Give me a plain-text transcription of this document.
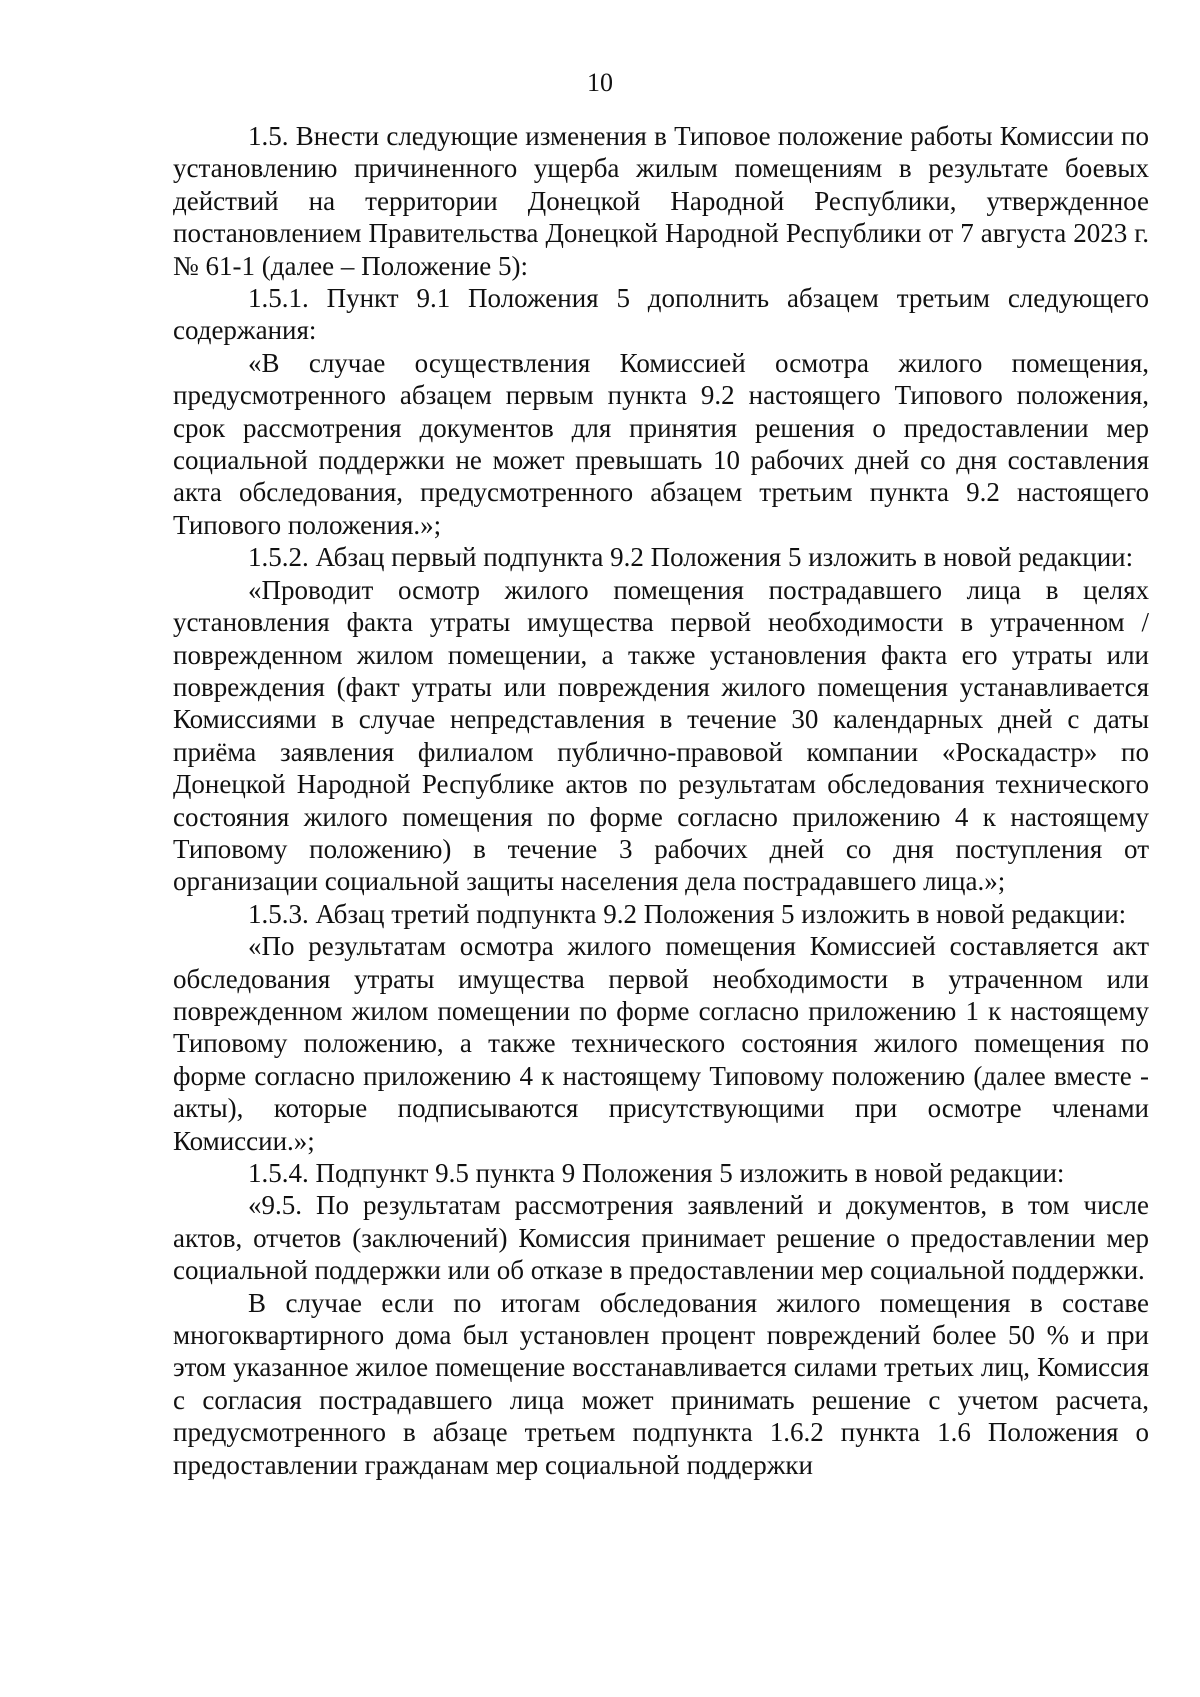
10

1.5. Внести следующие изменения в Типовое положение работы Комиссии по установлению причиненного ущерба жилым помещениям в результате боевых действий на территории Донецкой Народной Республики, утвержденное постановлением Правительства Донецкой Народной Республики от 7 августа 2023 г. № 61-1 (далее – Положение 5):

1.5.1. Пункт 9.1 Положения 5 дополнить абзацем третьим следующего содержания:

«В случае осуществления Комиссией осмотра жилого помещения, предусмотренного абзацем первым пункта 9.2 настоящего Типового положения, срок рассмотрения документов для принятия решения о предоставлении мер социальной поддержки не может превышать 10 рабочих дней со дня составления акта обследования, предусмотренного абзацем третьим пункта 9.2 настоящего Типового положения.»;

1.5.2. Абзац первый подпункта 9.2 Положения 5 изложить в новой редакции:

«Проводит осмотр жилого помещения пострадавшего лица в целях установления факта утраты имущества первой необходимости в утраченном / поврежденном жилом помещении, а также установления факта его утраты или повреждения (факт утраты или повреждения жилого помещения устанавливается Комиссиями в случае непредставления в течение 30 календарных дней с даты приёма заявления филиалом публично-правовой компании «Роскадастр» по Донецкой Народной Республике актов по результатам обследования технического состояния жилого помещения по форме согласно приложению 4 к настоящему Типовому положению) в течение 3 рабочих дней со дня поступления от организации социальной защиты населения дела пострадавшего лица.»;

1.5.3. Абзац третий подпункта 9.2 Положения 5 изложить в новой редакции:

«По результатам осмотра жилого помещения Комиссией составляется акт обследования утраты имущества первой необходимости в утраченном или поврежденном жилом помещении по форме согласно приложению 1 к настоящему Типовому положению, а также технического состояния жилого помещения по форме согласно приложению 4 к настоящему Типовому положению (далее вместе - акты), которые подписываются присутствующими при осмотре членами Комиссии.»;

1.5.4. Подпункт 9.5 пункта 9 Положения 5 изложить в новой редакции:

«9.5. По результатам рассмотрения заявлений и документов, в том числе актов, отчетов (заключений) Комиссия принимает решение о предоставлении мер социальной поддержки или об отказе в предоставлении мер социальной поддержки.

В случае если по итогам обследования жилого помещения в составе многоквартирного дома был установлен процент повреждений более 50 % и при этом указанное жилое помещение восстанавливается силами третьих лиц, Комиссия с согласия пострадавшего лица может принимать решение с учетом расчета, предусмотренного в абзаце третьем подпункта 1.6.2 пункта 1.6 Положения о предоставлении гражданам мер социальной поддержки
